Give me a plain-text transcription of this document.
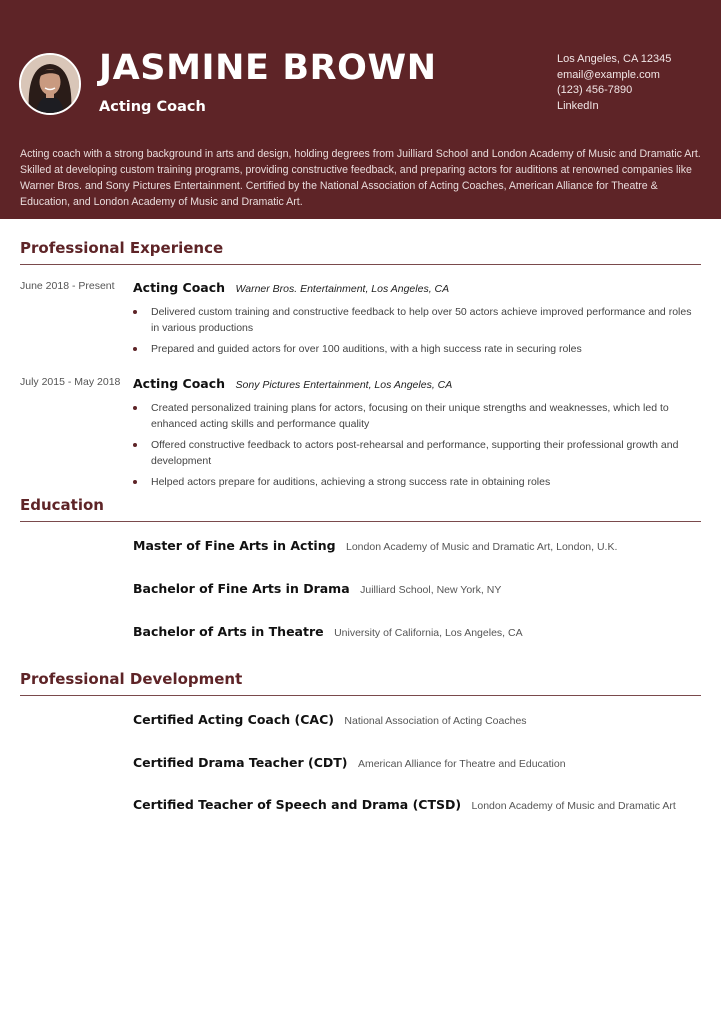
JASMINE BROWN
Acting Coach
Los Angeles, CA 12345
email@example.com
(123) 456-7890
LinkedIn
Acting coach with a strong background in arts and design, holding degrees from Juilliard School and London Academy of Music and Dramatic Art. Skilled at developing custom training programs, providing constructive feedback, and preparing actors for auditions at renowned companies like Warner Bros. and Sony Pictures Entertainment. Certified by the National Association of Acting Coaches, American Alliance for Theatre & Education, and London Academy of Music and Dramatic Art.
Professional Experience
June 2018 - Present Acting Coach Warner Bros. Entertainment, Los Angeles, CA
Delivered custom training and constructive feedback to help over 50 actors achieve improved performance and roles in various productions
Prepared and guided actors for over 100 auditions, with a high success rate in securing roles
July 2015 - May 2018 Acting Coach Sony Pictures Entertainment, Los Angeles, CA
Created personalized training plans for actors, focusing on their unique strengths and weaknesses, which led to enhanced acting skills and performance quality
Offered constructive feedback to actors post-rehearsal and performance, supporting their professional growth and development
Helped actors prepare for auditions, achieving a strong success rate in obtaining roles
Education
Master of Fine Arts in Acting London Academy of Music and Dramatic Art, London, U.K.
Bachelor of Fine Arts in Drama Juilliard School, New York, NY
Bachelor of Arts in Theatre University of California, Los Angeles, CA
Professional Development
Certified Acting Coach (CAC) National Association of Acting Coaches
Certified Drama Teacher (CDT) American Alliance for Theatre and Education
Certified Teacher of Speech and Drama (CTSD) London Academy of Music and Dramatic Art
